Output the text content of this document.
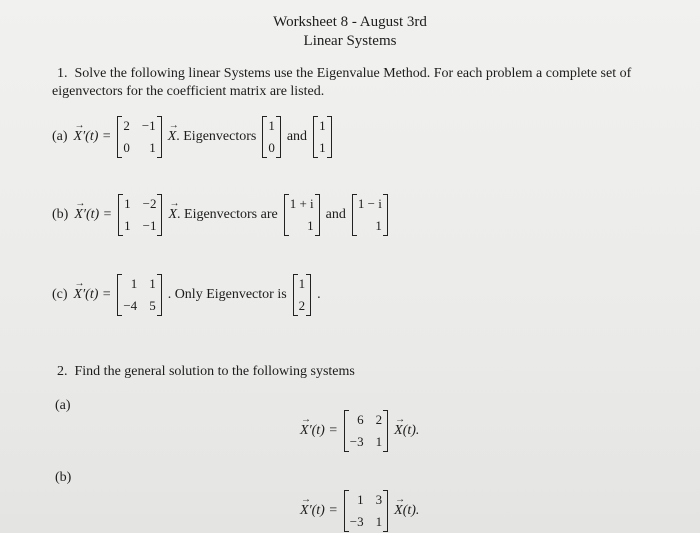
Worksheet 8 - August 3rd
Linear Systems
1. Solve the following linear Systems use the Eigenvalue Method. For each problem a complete set of
eigenvectors for the coefficient matrix are listed.
(a)
→
X ′(t) =
2 −1
0	1
→
X . Eigenvectors
1
0
and
1
1
(b)
→
X ′(t) =
1 −2
1 −1
→
X . Eigenvectors are
1 + i
1
and
1 − i
1
(c)
→
X ′(t) =
1 1
−4 5
. Only Eigenvector is
1
2
.
2. Find the general solution to the following systems
(a)
→
X ′(t) =
6 2
−3 1
→
X (t).
(b)
→
X ′(t) =
1 3
−3 1
→
X (t).
